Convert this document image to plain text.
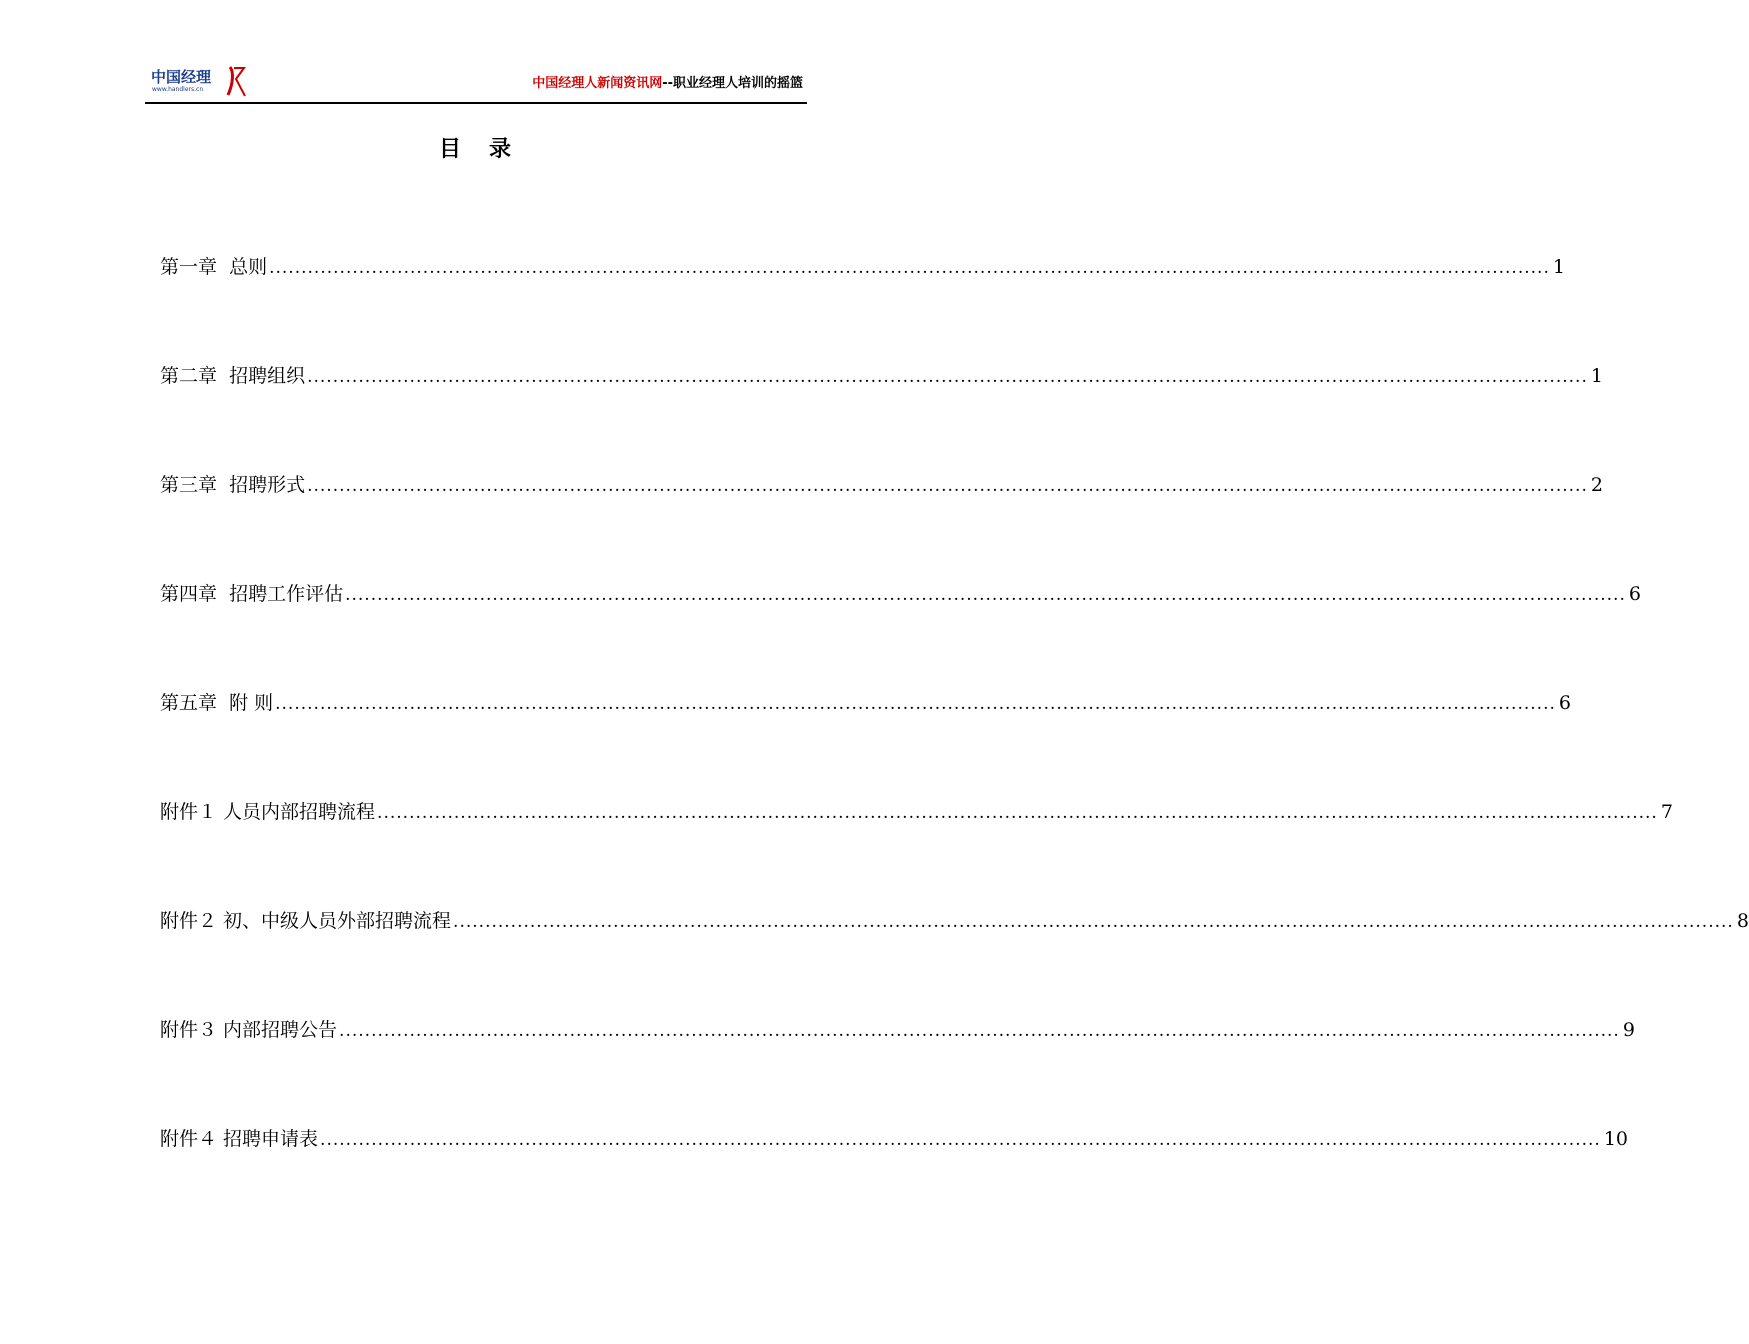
中国经理
www.handlers.cn	中国经理人新闻资讯网--职业经理人培训的摇篮
目录
第一章  总则 ........................................................................................................................................................................................................ 1
第二章  招聘组织 ........................................................................................................................................................................................................ 1
第三章  招聘形式 ........................................................................................................................................................................................................ 2
第四章  招聘工作评估 ........................................................................................................................................................................................................ 6
第五章  附 则 ........................................................................................................................................................................................................ 6
附件１ 人员内部招聘流程 ........................................................................................................................................................................................................ 7
附件２ 初、中级人员外部招聘流程 ........................................................................................................................................................................................................ 8
附件３ 内部招聘公告 ........................................................................................................................................................................................................ 9
附件４ 招聘申请表 ........................................................................................................................................................................................................ 10
